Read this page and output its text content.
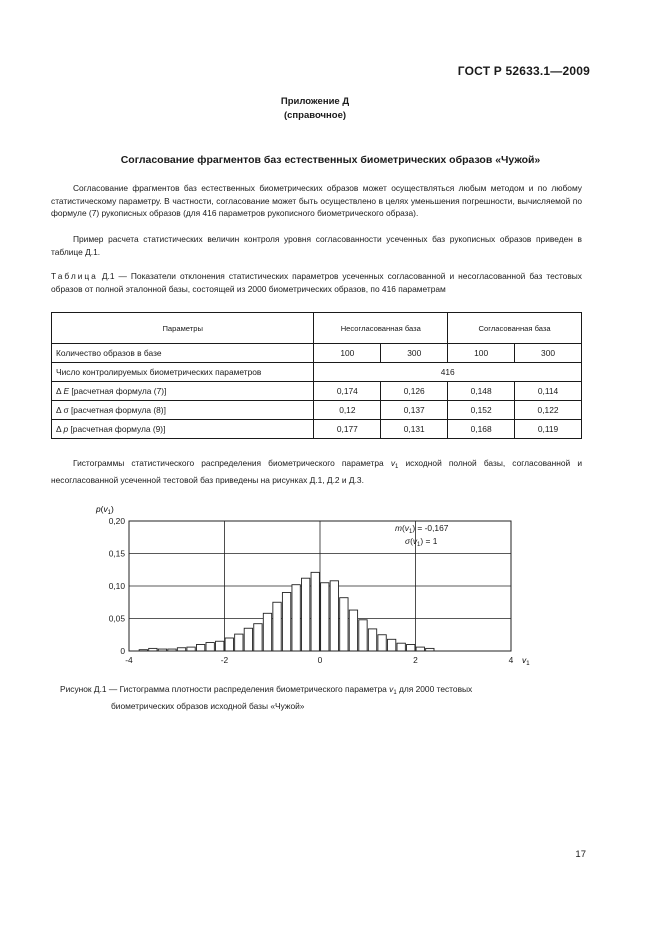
ГОСТ Р 52633.1—2009
Приложение Д
(справочное)
Согласование фрагментов баз естественных биометрических образов «Чужой»
Согласование фрагментов баз естественных биометрических образов может осуществляться любым методом и по любому статистическому параметру. В частности, согласование может быть осуществлено в целях уменьшения погрешности, вычисляемой по формуле (7) рукописных образов (для 416 параметров рукописного биометрического образа).
Пример расчета статистических величин контроля уровня согласованности усеченных баз рукописных образов приведен в таблице Д.1.
Таблица Д.1 — Показатели отклонения статистических параметров усеченных согласованной и несогласованной баз тестовых образов от полной эталонной базы, состоящей из 2000 биометрических образов, по 416 параметрам
Параметры	Несогласованная база		Согласованная база	
Количество образов в базе	100	300	100	300
Число контролируемых биометрических параметров	416			
Δ E [расчетная формула (7)]	0,174	0,126	0,148	0,114
Δ σ [расчетная формула (8)]	0,12	0,137	0,152	0,122
Δ p [расчетная формула (9)]	0,177	0,131	0,168	0,119
Гистограммы статистического распределения биометрического параметра $v_1$ исходной полной базы, согласованной и несогласованной усеченной тестовой баз приведены на рисунках Д.1, Д.2 и Д.3.
0
0,05
0,10
0,15
0,20
-4	-2	0	2	4
$p(v_1)$
$v_1$
$m(v_1) = -0,167$
$\sigma(v_1) = 1$
Рисунок Д.1 — Гистограмма плотности распределения биометрического параметра $v_1$ для 2000 тестовых
биометрических образов исходной базы «Чужой»
17
